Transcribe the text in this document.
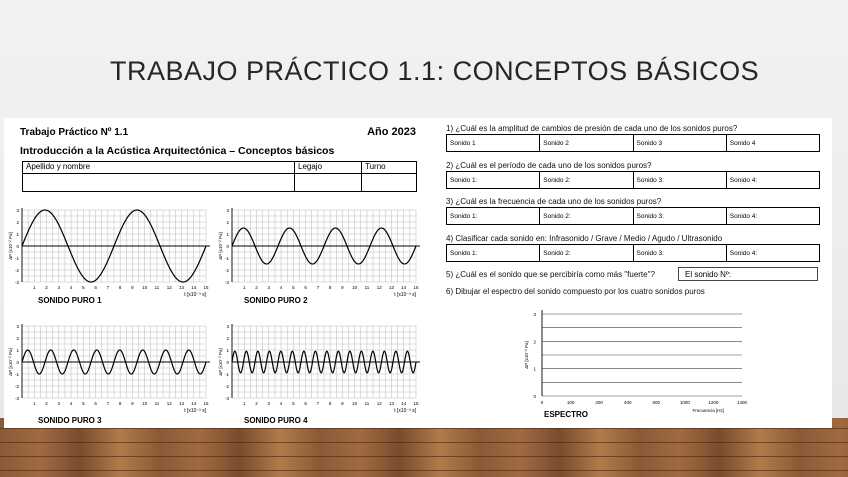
TRABAJO PRÁCTICO 1.1: CONCEPTOS BÁSICOS
Trabajo Práctico Nº 1.1	Año 2023
Introducción a la Acústica Arquitectónica – Conceptos básicos
Apellido y nombre	Legajo	Turno

3
2
1
0
-1
-2
-3
1 2 3 4 5 6 7 8 9 10 11 12 13 14 15
ΔP [x10⁻² Pa]
t [x10⁻³ s]
3
2
1
0
-1
-2
-3
1 2 3 4 5 6 7 8 9 10 11 12 13 14 15
ΔP [x10⁻² Pa]
t [x10⁻³ s]
3
2
1
0
-1
-2
-3
1 2 3 4 5 6 7 8 9 10 11 12 13 14 15
ΔP [x10⁻² Pa]
t [x10⁻³ s]
3
2
1
0
-1
-2
-3
1 2 3 4 5 6 7 8 9 10 11 12 13 14 15
ΔP [x10⁻² Pa]
t [x10⁻³ s]
SONIDO PURO 1	SONIDO PURO 2
SONIDO PURO 3	SONIDO PURO 4
1) ¿Cuál es la amplitud de cambios de presión de cada uno de los sonidos puros?
Sonido 1	Sonido 2	Sonido 3	Sonido 4
2) ¿Cuál es el período de cada uno de los sonidos puros?
Sonido 1:	Sonido 2:	Sonido 3:	Sonido 4:
3) ¿Cuál es la frecuencia de cada uno de los sonidos puros?
Sonido 1:	Sonido 2:	Sonido 3:	Sonido 4:
4) Clasificar cada sonido en: Infrasonido / Grave / Medio / Agudo / Ultrasonido
Sonido 1:	Sonido 2:	Sonido 3:	Sonido 4:
5) ¿Cuál es el sonido que se percibiría como más "fuerte"?	El sonido Nº:
6) Dibujar el espectro del sonido compuesto por los cuatro sonidos puros
3
2
1
0
0	100	200	400	600	1000	1200	1400
ΔP [x10⁻² Pa]
Frecuencia [Hz]
ESPECTRO
